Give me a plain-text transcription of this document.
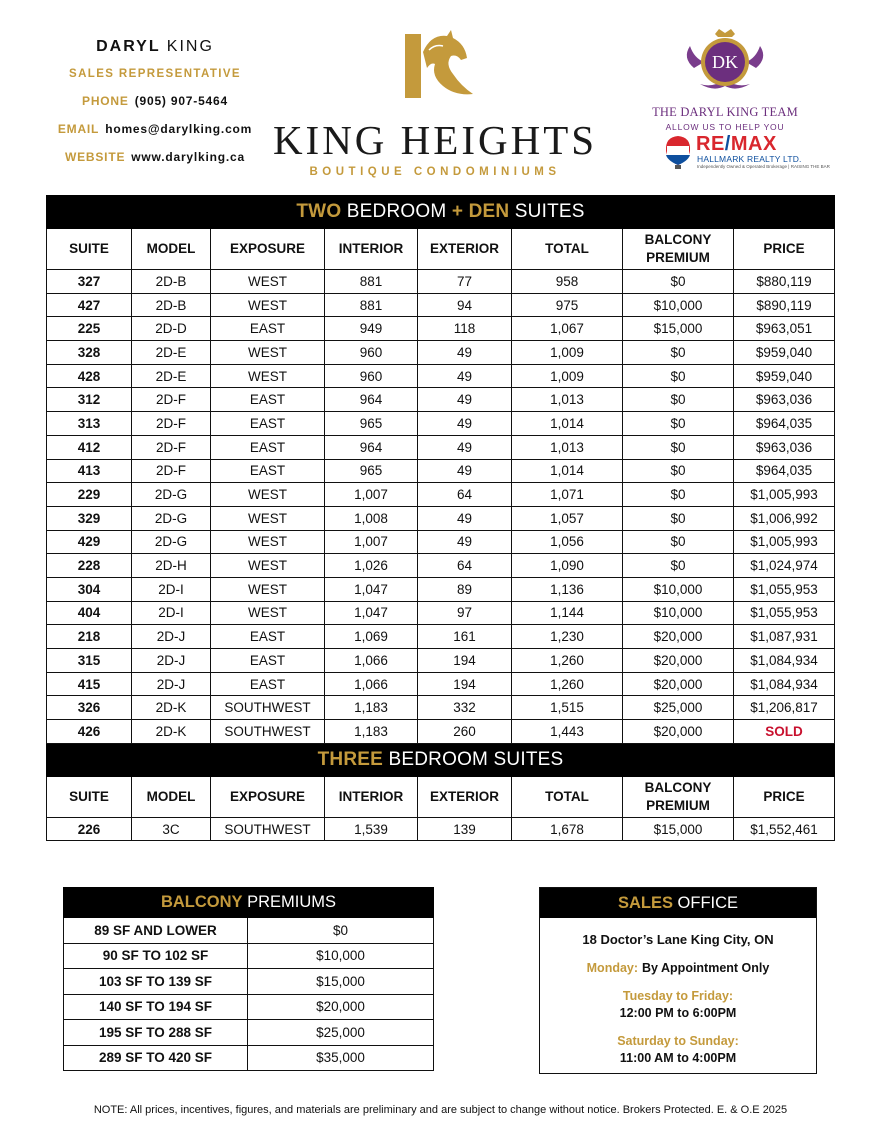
DARYL KING
SALES REPRESENTATIVE
PHONE (905) 907-5464
EMAIL homes@darylking.com
WEBSITE www.darylking.ca KING HEIGHTS
BOUTIQUE CONDOMINIUMS
DK
THE DARYL KING TEAM
ALLOW US TO HELP YOU
RE/MAX
HALLMARK REALTY LTD.
Independently Owned & Operated Brokerage | RAISING THE BAR
TWO BEDROOM + DEN SUITES							
SUITE	MODEL	EXPOSURE	INTERIOR	EXTERIOR	TOTAL	BALCONY
PREMIUM	PRICE
327	2D-B	WEST	881	77	958	$0	$880,119
427	2D-B	WEST	881	94	975	$10,000	$890,119
225	2D-D	EAST	949	118	1,067	$15,000	$963,051
328	2D-E	WEST	960	49	1,009	$0	$959,040
428	2D-E	WEST	960	49	1,009	$0	$959,040
312	2D-F	EAST	964	49	1,013	$0	$963,036
313	2D-F	EAST	965	49	1,014	$0	$964,035
412	2D-F	EAST	964	49	1,013	$0	$963,036
413	2D-F	EAST	965	49	1,014	$0	$964,035
229	2D-G	WEST	1,007	64	1,071	$0	$1,005,993
329	2D-G	WEST	1,008	49	1,057	$0	$1,006,992
429	2D-G	WEST	1,007	49	1,056	$0	$1,005,993
228	2D-H	WEST	1,026	64	1,090	$0	$1,024,974
304	2D-I	WEST	1,047	89	1,136	$10,000	$1,055,953
404	2D-I	WEST	1,047	97	1,144	$10,000	$1,055,953
218	2D-J	EAST	1,069	161	1,230	$20,000	$1,087,931
315	2D-J	EAST	1,066	194	1,260	$20,000	$1,084,934
415	2D-J	EAST	1,066	194	1,260	$20,000	$1,084,934
326	2D-K	SOUTHWEST	1,183	332	1,515	$25,000	$1,206,817
426	2D-K	SOUTHWEST	1,183	260	1,443	$20,000	SOLD
THREE BEDROOM SUITES							
SUITE	MODEL	EXPOSURE	INTERIOR	EXTERIOR	TOTAL	BALCONY
PREMIUM	PRICE
226	3C	SOUTHWEST	1,539	139	1,678	$15,000	$1,552,461
BALCONY PREMIUMS	
89 SF AND LOWER	$0
90 SF TO 102 SF	$10,000
103 SF TO 139 SF	$15,000
140 SF TO 194 SF	$20,000
195 SF TO 288 SF	$25,000
289 SF TO 420 SF	$35,000
SALES OFFICE
18 Doctor’s Lane King City, ON
Monday: By Appointment Only
Tuesday to Friday:
12:00 PM to 6:00PM
Saturday to Sunday:
11:00 AM to 4:00PM
NOTE: All prices, incentives, figures, and materials are preliminary and are subject to change without notice. Brokers Protected. E. & O.E 2025
